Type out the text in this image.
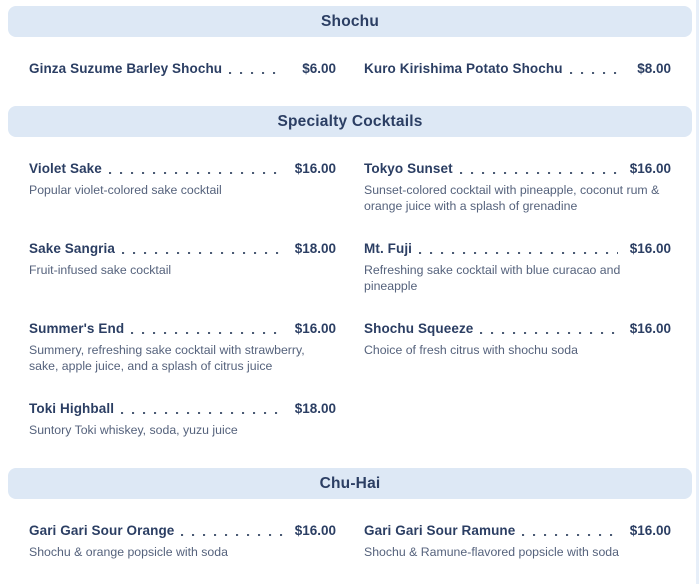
Shochu
Ginza Suzume Barley Shochu	$6.00 Kuro Kirishima Potato Shochu	$8.00
Specialty Cocktails
Violet Sake	$16.00

Popular violet-colored sake cocktail

Tokyo Sunset	$16.00

Sunset-colored cocktail with pineapple, coconut rum & orange juice with a splash of grenadine

Sake Sangria	$18.00

Fruit-infused sake cocktail

Mt. Fuji	$16.00

Refreshing sake cocktail with blue curacao and pineapple

Summer's End	$16.00

Summery, refreshing sake cocktail with strawberry, sake, apple juice, and a splash of citrus juice

Shochu Squeeze	$16.00

Choice of fresh citrus with shochu soda

Toki Highball	$18.00

Suntory Toki whiskey, soda, yuzu juice

Chu-Hai
Gari Gari Sour Orange	$16.00

Shochu & orange popsicle with soda

Gari Gari Sour Ramune	$16.00

Shochu & Ramune-flavored popsicle with soda
